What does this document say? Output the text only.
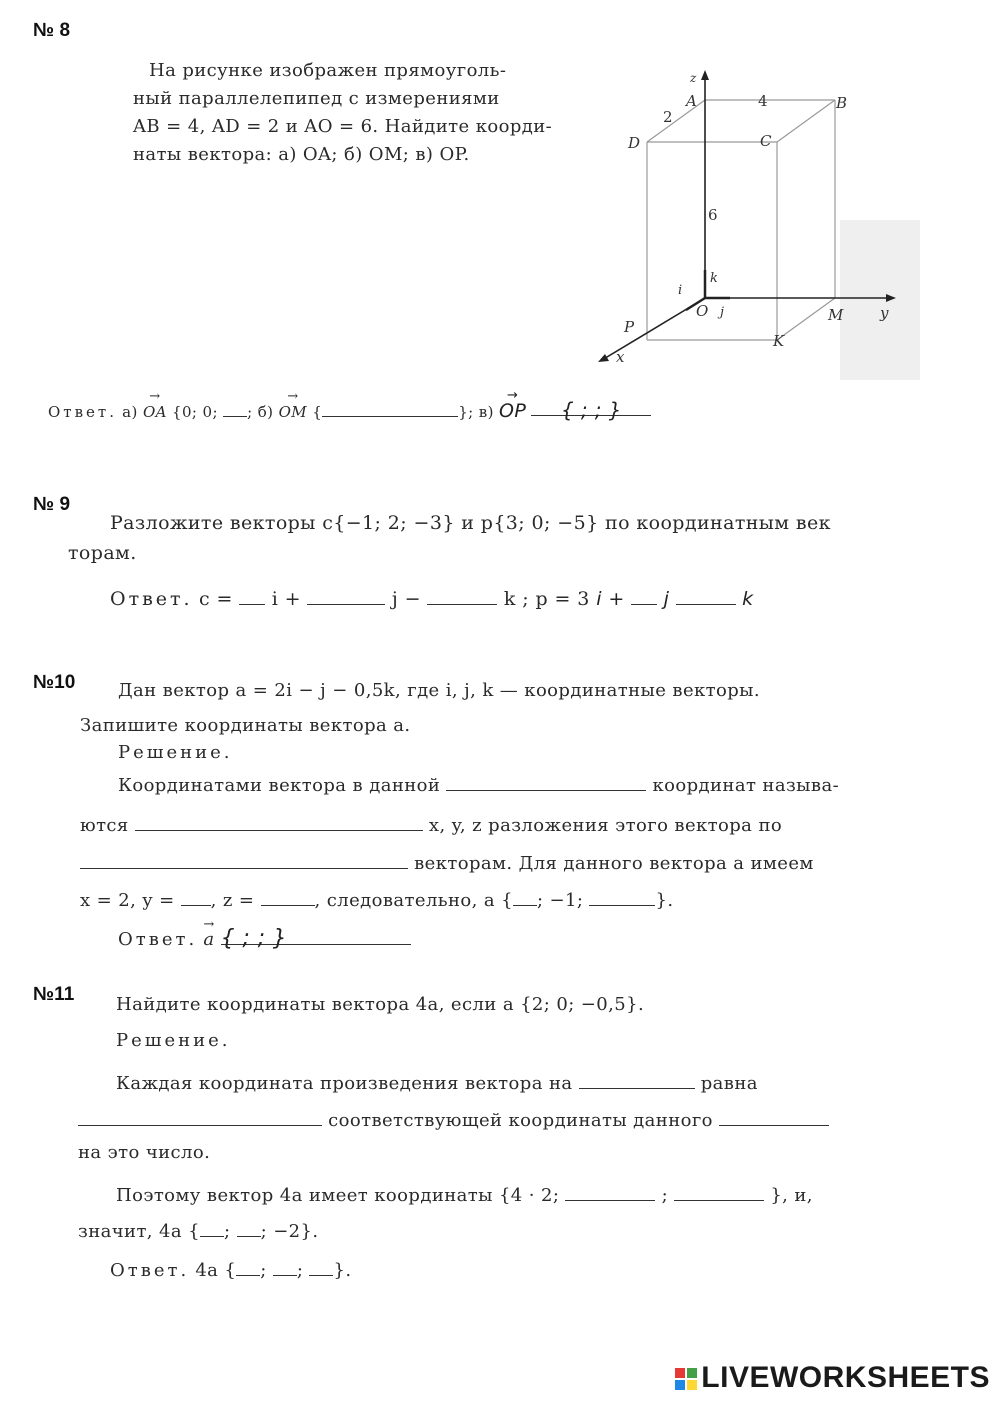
№ 8
На рисунке изображен прямоуголь-
ный параллелепипед с измерениями
AB = 4, AD = 2 и AO = 6. Найдите коорди-
наты вектора: а) OA; б) OM; в) OP.
z
y
x
A	B
C
D
O
P
K
M
4
2
6
i
j
k
Ответ. а) → OA {0; 0; ; б) → OM {	}; в) → OP { ; ; }
№ 9
Разложите векторы c{−1; 2; −3} и p{3; 0; −5} по координатным век
торам.
Ответ. c = i +	j −	k ; p = 3 i + j	k
№10 Дан вектор a = 2i − j − 0,5k, где i, j, k — координатные векторы.
Запишите координаты вектора a.
Решение.
Координатами вектора в данной	координат называ-
ются	x, y, z разложения этого вектора по
векторам. Для данного вектора a имеем
x = 2, y = , z =	, следовательно, a { ; −1;	}.
Ответ. → a { ; ; }
№11 Найдите координаты вектора 4a, если a {2; 0; −0,5}.
Решение.
Каждая координата произведения вектора на	равна
соответствующей координаты данного
на это число.
Поэтому вектор 4a имеет координаты {4 · 2;	;	}, и,
значит, 4a { ; ; −2}.
Ответ. 4a { ; ; }.
LIVEWORKSHEETS
